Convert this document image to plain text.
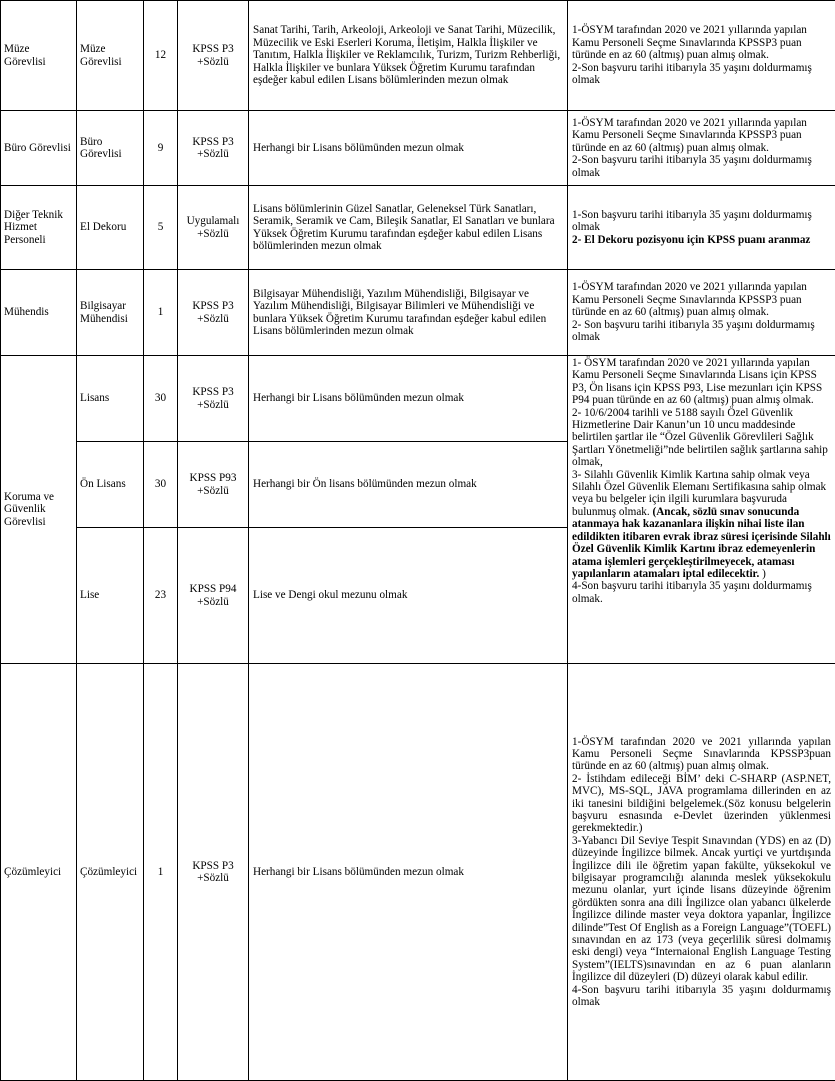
Müze Görevlisi	Müze Görevlisi	12	KPSS P3
+Sözlü	Sanat Tarihi, Tarih, Arkeoloji, Arkeoloji ve Sanat Tarihi, Müzecilik, Müzecilik ve Eski Eserleri Koruma, İletişim, Halkla İlişkiler ve Tanıtım, Halkla İlişkiler ve Reklamcılık, Turizm, Turizm Rehberliği, Halkla İlişkiler ve bunlara Yüksek Öğretim Kurumu tarafından eşdeğer kabul edilen Lisans bölümlerinden mezun olmak	1-ÖSYM tarafından 2020 ve 2021 yıllarında yapılan Kamu Personeli Seçme Sınavlarında KPSSP3 puan türünde en az 60 (altmış) puan almış olmak.
2-Son başvuru tarihi itibarıyla 35 yaşını doldurmamış olmak

Büro Görevlisi	Büro Görevlisi	9	KPSS P3
+Sözlü	Herhangi bir Lisans bölümünden mezun olmak	1-ÖSYM tarafından 2020 ve 2021 yıllarında yapılan Kamu Personeli Seçme Sınavlarında KPSSP3 puan türünde en az 60 (altmış) puan almış olmak.
2-Son başvuru tarihi itibarıyla 35 yaşını doldurmamış olmak

Diğer Teknik Hizmet Personeli	El Dekoru	5	Uygulamalı
+Sözlü	Lisans bölümlerinin Güzel Sanatlar, Geleneksel Türk Sanatları, Seramik, Seramik ve Cam, Bileşik Sanatlar, El Sanatları ve bunlara Yüksek Öğretim Kurumu tarafından eşdeğer kabul edilen Lisans bölümlerinden mezun olmak	1-Son başvuru tarihi itibarıyla 35 yaşını doldurmamış olmak
2- El Dekoru pozisyonu için KPSS puanı aranmaz

Mühendis	Bilgisayar Mühendisi	1	KPSS P3
+Sözlü	Bilgisayar Mühendisliği, Yazılım Mühendisliği, Bilgisayar ve Yazılım Mühendisliği, Bilgisayar Bilimleri ve Mühendisliği ve bunlara Yüksek Öğretim Kurumu tarafından eşdeğer kabul edilen Lisans bölümlerinden mezun olmak	1-ÖSYM tarafından 2020 ve 2021 yıllarında yapılan Kamu Personeli Seçme Sınavlarında KPSSP3 puan türünde en az 60 (altmış) puan almış olmak.
2- Son başvuru tarihi itibarıyla 35 yaşını doldurmamış olmak

Koruma ve Güvenlik Görevlisi	Lisans	30	KPSS P3
+Sözlü	Herhangi bir Lisans bölümünden mezun olmak	1- ÖSYM tarafından 2020 ve 2021 yıllarında yapılan Kamu Personeli Seçme Sınavlarında Lisans için KPSS P3, Ön lisans için KPSS P93, Lise mezunları için KPSS P94 puan türünde en az 60 (altmış) puan almış olmak.
2- 10/6/2004 tarihli ve 5188 sayılı Özel Güvenlik Hizmetlerine Dair Kanun’un 10 uncu maddesinde belirtilen şartlar ile “Özel Güvenlik Görevlileri Sağlık Şartları Yönetmeliği”nde belirtilen sağlık şartlarına sahip olmak,
3- Silahlı Güvenlik Kimlik Kartına sahip olmak veya Silahlı Özel Güvenlik Elemanı Sertifikasına sahip olmak veya bu belgeler için ilgili kurumlara başvuruda bulunmuş olmak. (Ancak, sözlü sınav sonucunda atanmaya hak kazananlara ilişkin nihai liste ilan edildikten itibaren evrak ibraz süresi içerisinde Silahlı Özel Güvenlik Kimlik Kartını ibraz edemeyenlerin atama işlemleri gerçekleştirilmeyecek, ataması yapılanların atamaları iptal edilecektir. )
4-Son başvuru tarihi itibarıyla 35 yaşını doldurmamış olmak.

	Ön Lisans	30	KPSS P93
+Sözlü	Herhangi bir Ön lisans bölümünden mezun olmak	
	Lise	23	KPSS P94
+Sözlü	Lise ve Dengi okul mezunu olmak	
Çözümleyici	Çözümleyici	1	KPSS P3
+Sözlü	Herhangi bir Lisans bölümünden mezun olmak	1-ÖSYM tarafından 2020 ve 2021 yıllarında yapılan Kamu Personeli Seçme Sınavlarında KPSSP3puan türünde en az 60 (altmış) puan almış olmak.
2- İstihdam edileceği BİM’ deki C-SHARP (ASP.NET, MVC), MS-SQL, JAVA programlama dillerinden en az iki tanesini bildiğini belgelemek.(Söz konusu belgelerin başvuru esnasında e-Devlet üzerinden yüklenmesi gerekmektedir.)
3-Yabancı Dil Seviye Tespit Sınavından (YDS) en az (D) düzeyinde İngilizce bilmek. Ancak yurtiçi ve yurtdışında İngilizce dili ile öğretim yapan fakülte, yüksekokul ve bilgisayar programcılığı alanında meslek yüksekokulu mezunu olanlar, yurt içinde lisans düzeyinde öğrenim gördükten sonra ana dili İngilizce olan yabancı ülkelerde İngilizce dilinde master veya doktora yapanlar, İngilizce dilinde”Test Of English as a Foreign Language”(TOEFL) sınavından en az 173 (veya geçerlilik süresi dolmamış eski dengi) veya “Internaional English Language Testing System”(IELTS)sınavından en az 6 puan alanların İngilizce dil düzeyleri (D) düzeyi olarak kabul edilir.
4-Son başvuru tarihi itibarıyla 35 yaşını doldurmamış olmak
